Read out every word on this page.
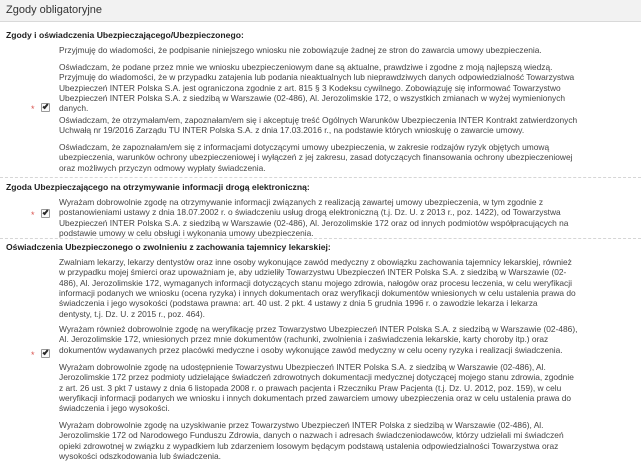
Zgody obligatoryjne
Zgody i oświadczenia Ubezpieczającego/Ubezpieczonego:
Przyjmuję do wiadomości, że podpisanie niniejszego wniosku nie zobowiązuje żadnej ze stron do zawarcia umowy ubezpieczenia.
Oświadczam, że podane przez mnie we wniosku ubezpieczeniowym dane są aktualne, prawdziwe i zgodne z moją najlepszą wiedzą.
Przyjmuję do wiadomości, że w przypadku zatajenia lub podania nieaktualnych lub nieprawdziwych danych odpowiedzialność Towarzystwa
Ubezpieczeń INTER Polska S.A. jest ograniczona zgodnie z art. 815 § 3 Kodeksu cywilnego. Zobowiązuję się informować Towarzystwo
Ubezpieczeń INTER Polska S.A. z siedzibą w Warszawie (02-486), Al. Jerozolimskie 172, o wszystkich zmianach w wyżej wymienionych
danych.
Oświadczam, że otrzymałam/em, zapoznałam/em się i akceptuję treść Ogólnych Warunków Ubezpieczenia INTER Kontrakt zatwierdzonych
Uchwałą nr 19/2016 Zarządu TU INTER Polska S.A. z dnia 17.03.2016 r., na podstawie których wnioskuję o zawarcie umowy.
Oświadczam, że zapoznałam/em się z informacjami dotyczącymi umowy ubezpieczenia, w zakresie rodzajów ryzyk objętych umową
ubezpieczenia, warunków ochrony ubezpieczeniowej i wyłączeń z jej zakresu, zasad dotyczących finansowania ochrony ubezpieczeniowej
oraz możliwych przyczyn odmowy wypłaty świadczenia.
*
Zgoda Ubezpieczającego na otrzymywanie informacji drogą elektroniczną:
Wyrażam dobrowolnie zgodę na otrzymywanie informacji związanych z realizacją zawartej umowy ubezpieczenia, w tym zgodnie z
postanowieniami ustawy z dnia 18.07.2002 r. o świadczeniu usług drogą elektroniczną (t.j. Dz. U. z 2013 r., poz. 1422), od Towarzystwa
Ubezpieczeń INTER Polska S.A. z siedzibą w Warszawie (02-486), Al. Jerozolimskie 172 oraz od innych podmiotów współpracujących na
podstawie umowy w celu obsługi i wykonania umowy ubezpieczenia.
*
Oświadczenia Ubezpieczonego o zwolnieniu z zachowania tajemnicy lekarskiej:
Zwalniam lekarzy, lekarzy dentystów oraz inne osoby wykonujące zawód medyczny z obowiązku zachowania tajemnicy lekarskiej, również
w przypadku mojej śmierci oraz upoważniam je, aby udzieliły Towarzystwu Ubezpieczeń INTER Polska S.A. z siedzibą w Warszawie (02-
486), Al. Jerozolimskie 172, wymaganych informacji dotyczących stanu mojego zdrowia, nałogów oraz procesu leczenia, w celu weryfikacji
informacji podanych we wniosku (ocena ryzyka) i innych dokumentach oraz weryfikacji dokumentów wniesionych w celu ustalenia prawa do
świadczenia i jego wysokości (podstawa prawna: art. 40 ust. 2 pkt. 4 ustawy z dnia 5 grudnia 1996 r. o zawodzie lekarza i lekarza
dentysty, t.j. Dz. U. z 2015 r., poz. 464).
Wyrażam również dobrowolnie zgodę na weryfikację przez Towarzystwo Ubezpieczeń INTER Polska S.A. z siedzibą w Warszawie (02-486),
Al. Jerozolimskie 172, wniesionych przez mnie dokumentów (rachunki, zwolnienia i zaświadczenia lekarskie, karty choroby itp.) oraz
dokumentów wydawanych przez placówki medyczne i osoby wykonujące zawód medyczny w celu oceny ryzyka i realizacji świadczenia.
Wyrażam dobrowolnie zgodę na udostępnienie Towarzystwu Ubezpieczeń INTER Polska S.A. z siedzibą w Warszawie (02-486), Al.
Jerozolimskie 172 przez podmioty udzielające świadczeń zdrowotnych dokumentacji medycznej dotyczącej mojego stanu zdrowia, zgodnie
z art. 26 ust. 3 pkt 7 ustawy z dnia 6 listopada 2008 r. o prawach pacjenta i Rzeczniku Praw Pacjenta (t.j. Dz. U. 2012, poz. 159), w celu
weryfikacji informacji podanych we wniosku i innych dokumentach przed zawarciem umowy ubezpieczenia oraz w celu ustalenia prawa do
świadczenia i jego wysokości.
Wyrażam dobrowolnie zgodę na uzyskiwanie przez Towarzystwo Ubezpieczeń INTER Polska z siedzibą w Warszawie (02-486), Al.
Jerozolimskie 172 od Narodowego Funduszu Zdrowia, danych o nazwach i adresach świadczeniodawców, którzy udzielali mi świadczeń
opieki zdrowotnej w związku z wypadkiem lub zdarzeniem losowym będącym podstawą ustalenia odpowiedzialności Towarzystwa oraz
wysokości odszkodowania lub świadczenia.
*
